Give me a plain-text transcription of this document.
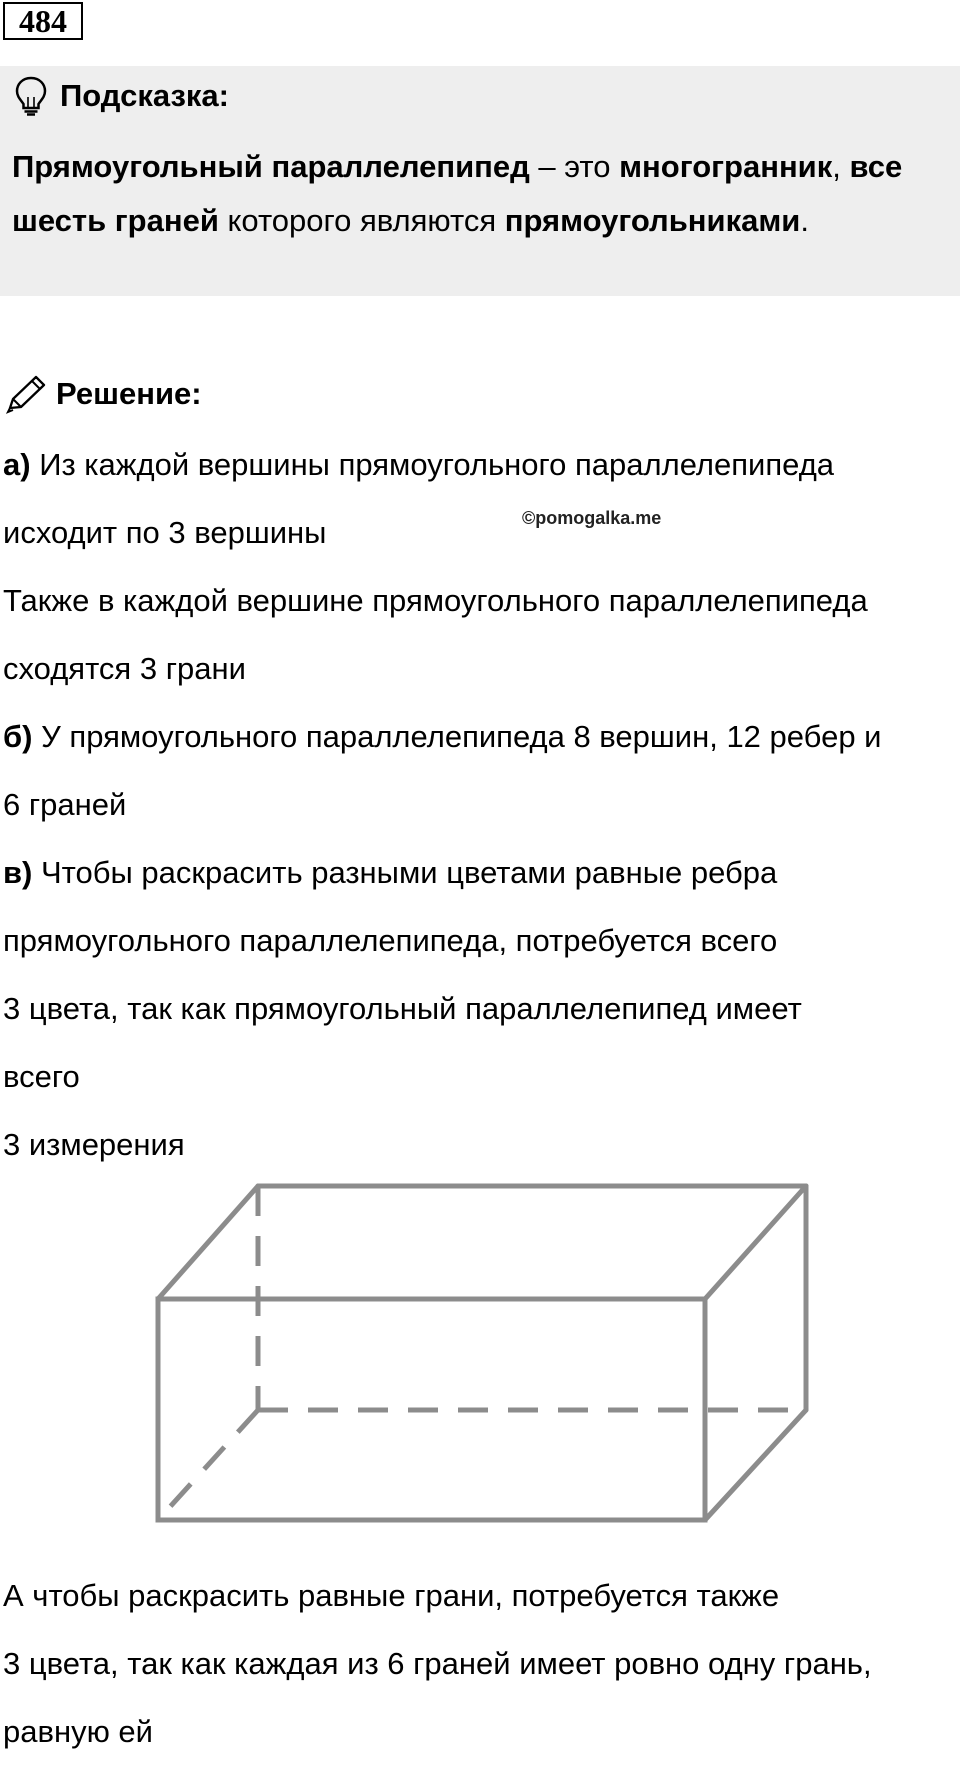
484
Подсказка:
Прямоугольный параллелепипед – это многогранник, все шесть граней которого являются прямоугольниками.
Решение:

а) Из каждой вершины прямоугольного параллелепипеда

исходит по 3 вершины

Также в каждой вершине прямоугольного параллелепипеда

сходятся 3 грани

б) У прямоугольного параллелепипеда 8 вершин, 12 ребер и

6 граней

в) Чтобы раскрасить разными цветами равные ребра

прямоугольного параллелепипеда, потребуется всего

3 цвета, так как прямоугольный параллелепипед имеет

всего

3 измерения

©pomogalka.me

А чтобы раскрасить равные грани, потребуется также

3 цвета, так как каждая из 6 граней имеет ровно одну грань,

равную ей
